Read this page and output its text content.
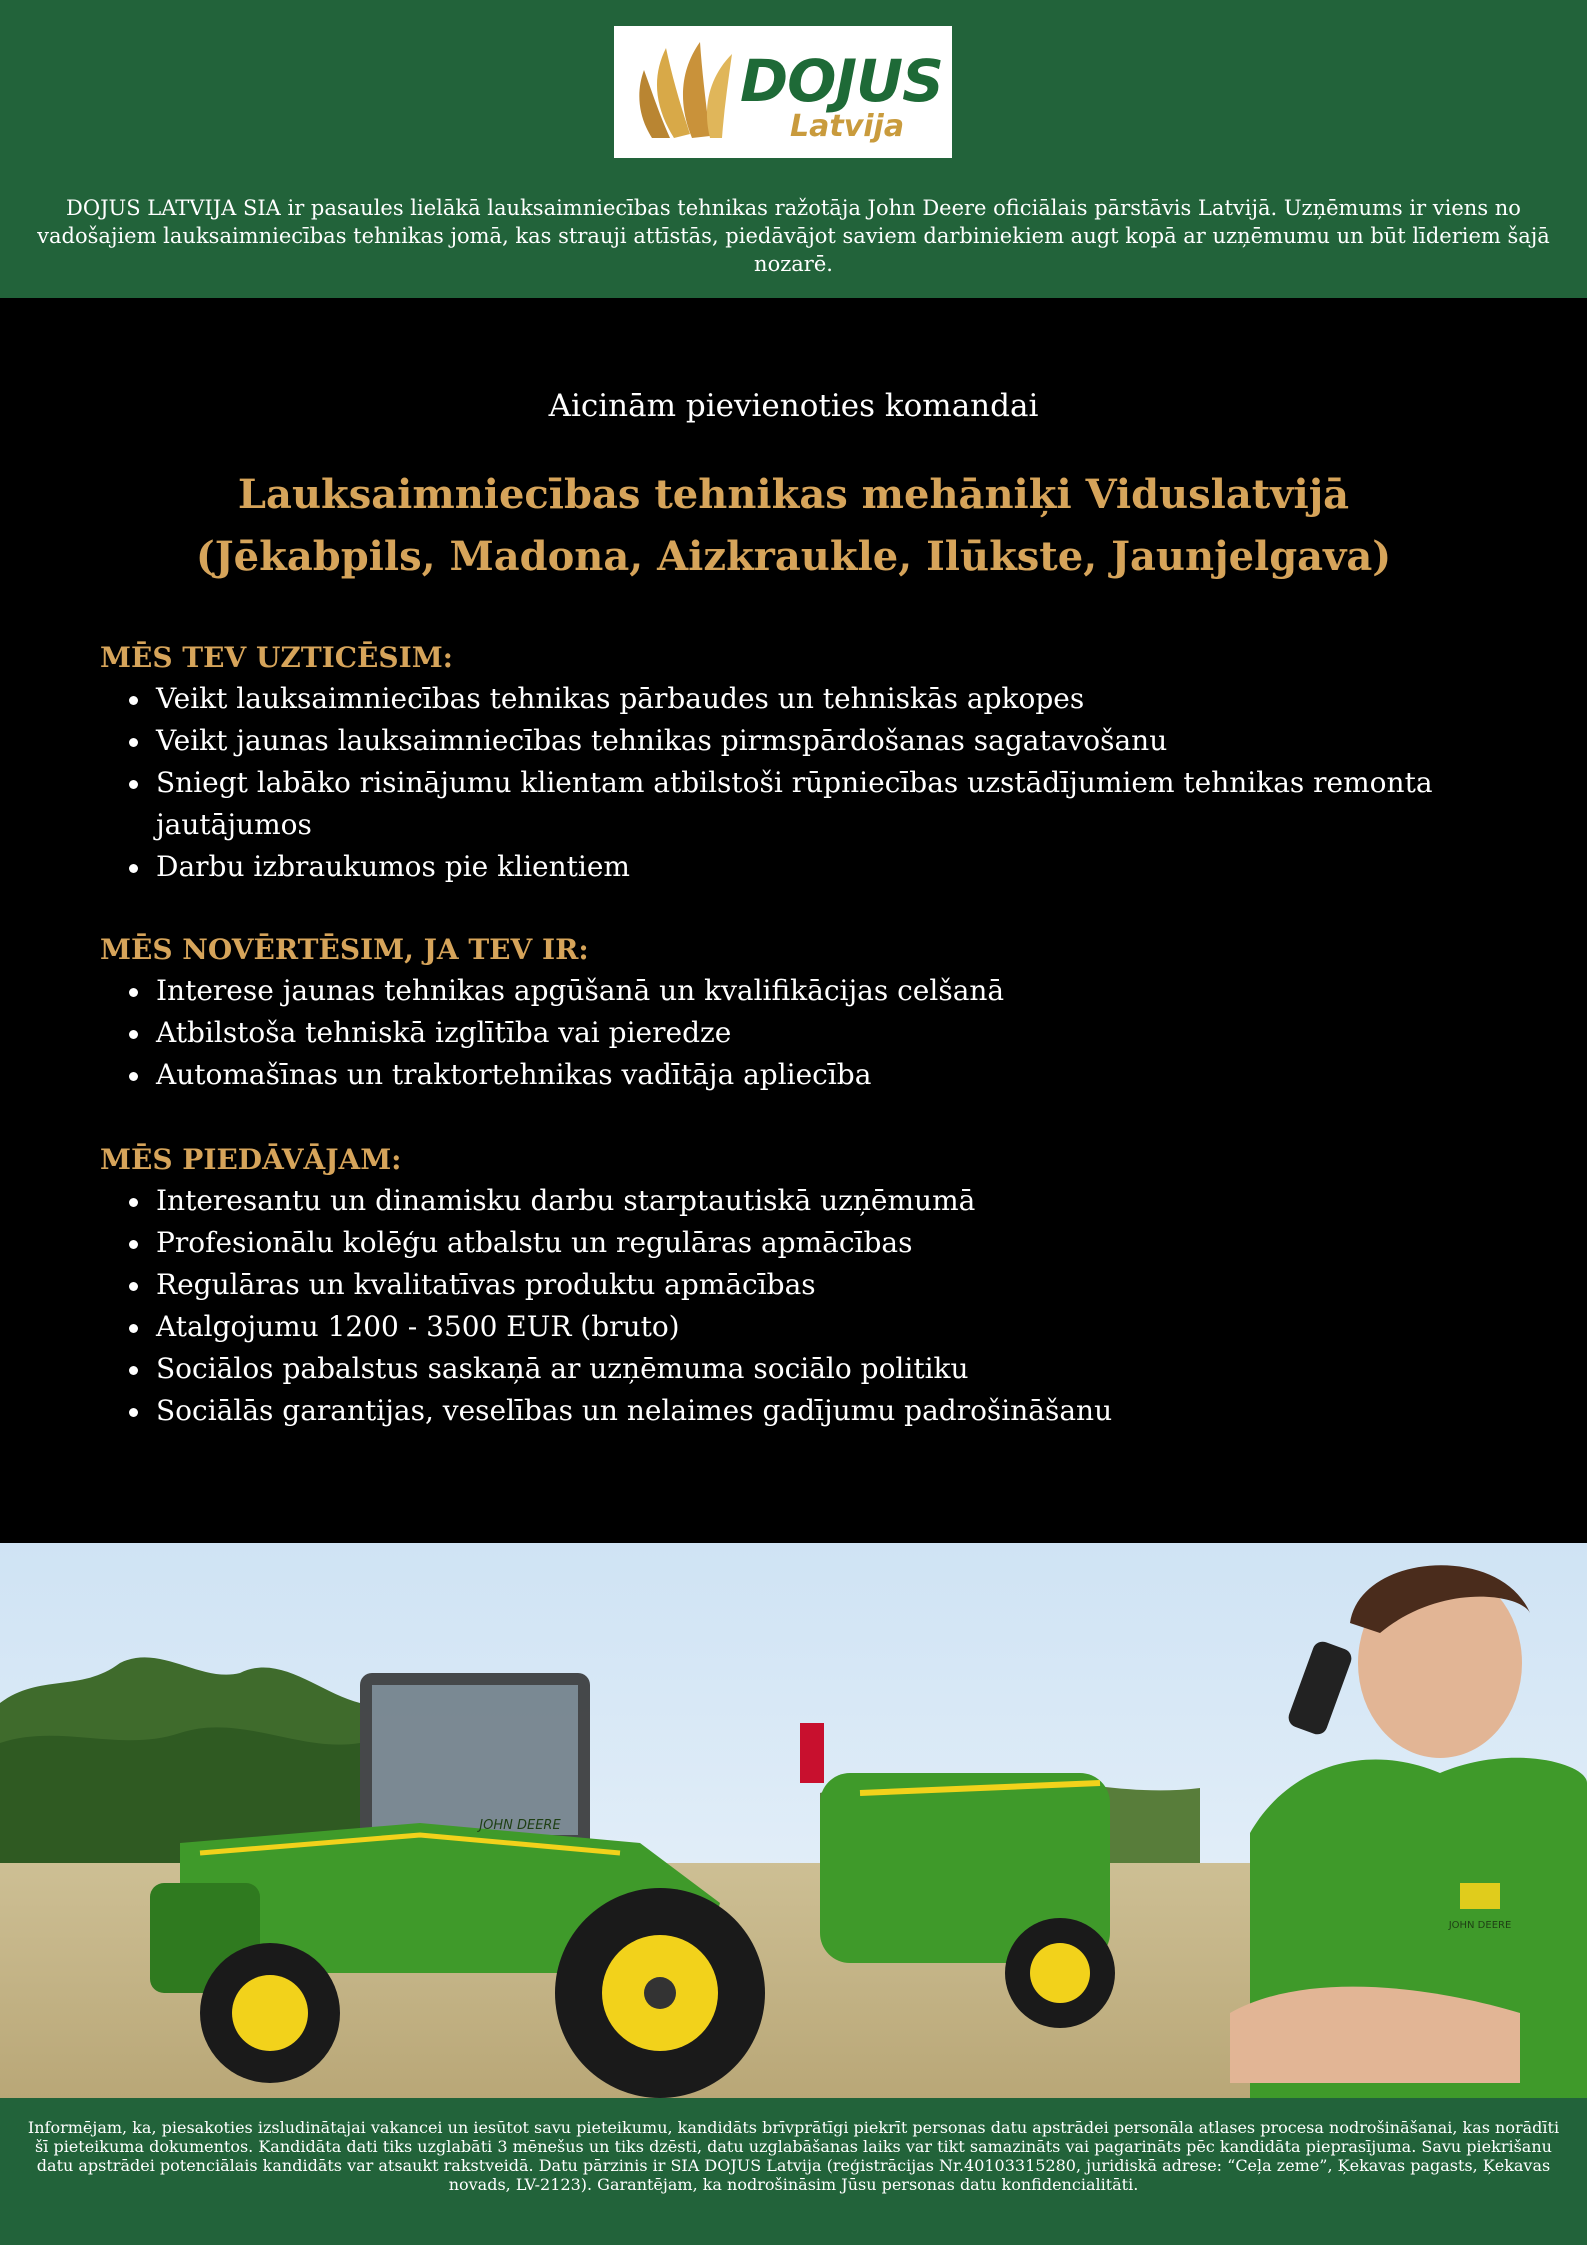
DOJUS
Latvija
DOJUS LATVIJA SIA ir pasaules lielākā lauksaimniecības tehnikas ražotāja John Deere oficiālais pārstāvis Latvijā. Uzņēmums ir viens no vadošajiem lauksaimniecības tehnikas jomā, kas strauji attīstās, piedāvājot saviem darbiniekiem augt kopā ar uzņēmumu un būt līderiem šajā nozarē.
Aicinām pievienoties komandai
Lauksaimniecības tehnikas mehāniķi Viduslatvijā
(Jēkabpils, Madona, Aizkraukle, Ilūkste, Jaunjelgava)
MĒS TEV UZTICĒSIM:
Veikt lauksaimniecības tehnikas pārbaudes un tehniskās apkopes
Veikt jaunas lauksaimniecības tehnikas pirmspārdošanas sagatavošanu
Sniegt labāko risinājumu klientam atbilstoši rūpniecības uzstādījumiem tehnikas remonta jautājumos
Darbu izbraukumos pie klientiem
MĒS NOVĒRTĒSIM, JA TEV IR:
Interese jaunas tehnikas apgūšanā un kvalifikācijas celšanā
Atbilstoša tehniskā izglītība vai pieredze
Automašīnas un traktortehnikas vadītāja apliecība
MĒS PIEDĀVĀJAM:
Interesantu un dinamisku darbu starptautiskā uzņēmumā
Profesionālu kolēģu atbalstu un regulāras apmācības
Regulāras un kvalitatīvas produktu apmācības
Atalgojumu 1200 - 3500 EUR (bruto)
Sociālos pabalstus saskaņā ar uzņēmuma sociālo politiku
Sociālās garantijas, veselības un nelaimes gadījumu padrošināšanu
JOHN DEERE
JOHN DEERE
Informējam, ka, piesakoties izsludinātajai vakancei un iesūtot savu pieteikumu, kandidāts brīvprātīgi piekrīt personas datu apstrādei personāla atlases procesa nodrošināšanai, kas norādīti šī pieteikuma dokumentos. Kandidāta dati tiks uzglabāti 3 mēnešus un tiks dzēsti, datu uzglabāšanas laiks var tikt samazināts vai pagarināts pēc kandidāta pieprasījuma. Savu piekrišanu datu apstrādei potenciālais kandidāts var atsaukt rakstveidā. Datu pārzinis ir SIA DOJUS Latvija (reģistrācijas Nr.40103315280, juridiskā adrese: “Ceļa zeme”, Ķekavas pagasts, Ķekavas novads, LV-2123). Garantējam, ka nodrošināsim Jūsu personas datu konfidencialitāti.
